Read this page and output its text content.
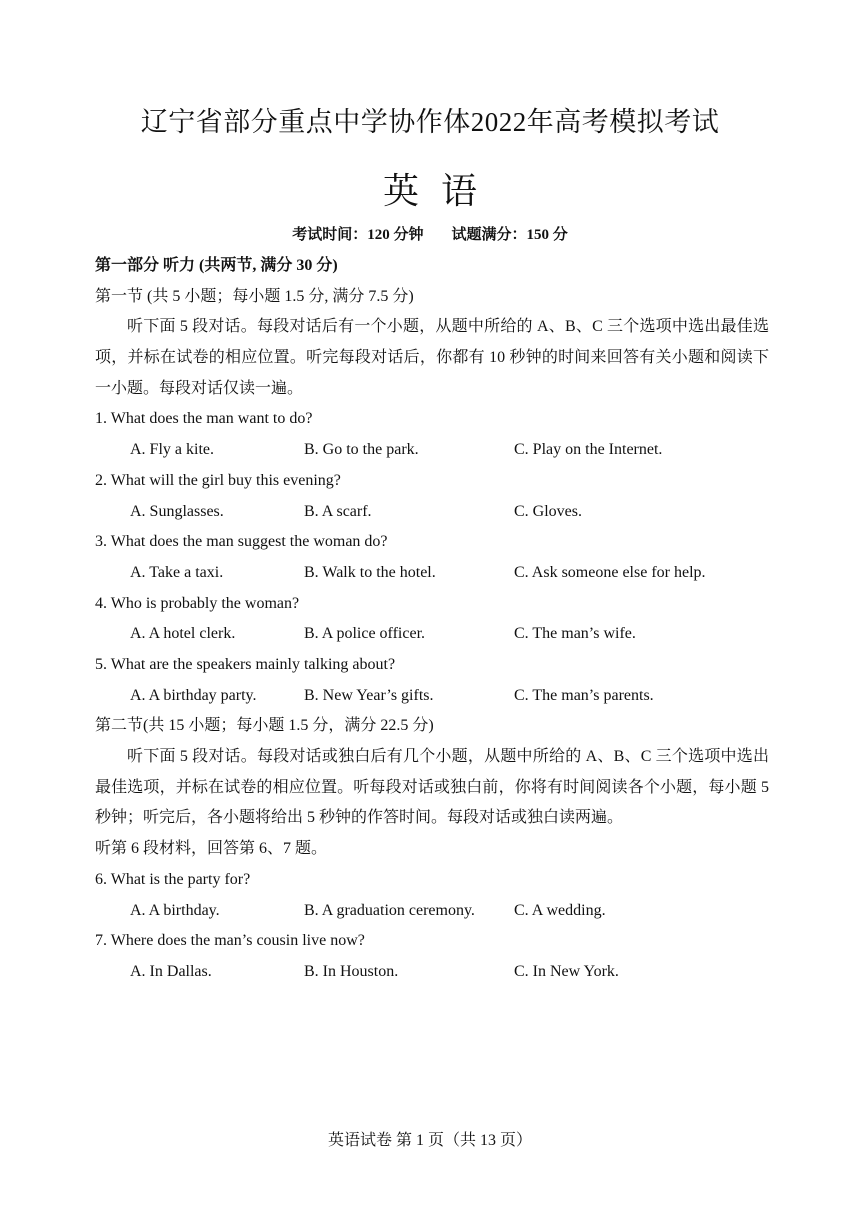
辽宁省部分重点中学协作体2022年高考模拟考试
英语
考试时间：120 分钟 试题满分：150 分
第一部分 听力 (共两节, 满分 30 分)
第一节 (共 5 小题；每小题 1.5 分, 满分 7.5 分)

听下面 5 段对话。每段对话后有一个小题，从题中所给的 A、B、C 三个选项中选出最佳选项，并标在试卷的相应位置。听完每段对话后，你都有 10 秒钟的时间来回答有关小题和阅读下一小题。每段对话仅读一遍。

1. What does the man want to do?
A. Fly a kite.	B. Go to the park.	C. Play on the Internet.
2. What will the girl buy this evening?
A. Sunglasses.	B. A scarf.	C. Gloves.
3. What does the man suggest the woman do?
A. Take a taxi.	B. Walk to the hotel.	C. Ask someone else for help.
4. Who is probably the woman?
A. A hotel clerk.	B. A police officer.	C. The man’s wife.
5. What are the speakers mainly talking about?
A. A birthday party.	B. New Year’s gifts.	C. The man’s parents.
第二节(共 15 小题；每小题 1.5 分，满分 22.5 分)

听下面 5 段对话。每段对话或独白后有几个小题，从题中所给的 A、B、C 三个选项中选出最佳选项，并标在试卷的相应位置。听每段对话或独白前，你将有时间阅读各个小题，每小题 5 秒钟；听完后，各小题将给出 5 秒钟的作答时间。每段对话或独白读两遍。

听第 6 段材料，回答第 6、7 题。
6. What is the party for?
A. A birthday.	B. A graduation ceremony. C. A wedding.
7. Where does the man’s cousin live now?
A. In Dallas.	B. In Houston.	C. In New York.
英语试卷 第 1 页（共 13 页）
